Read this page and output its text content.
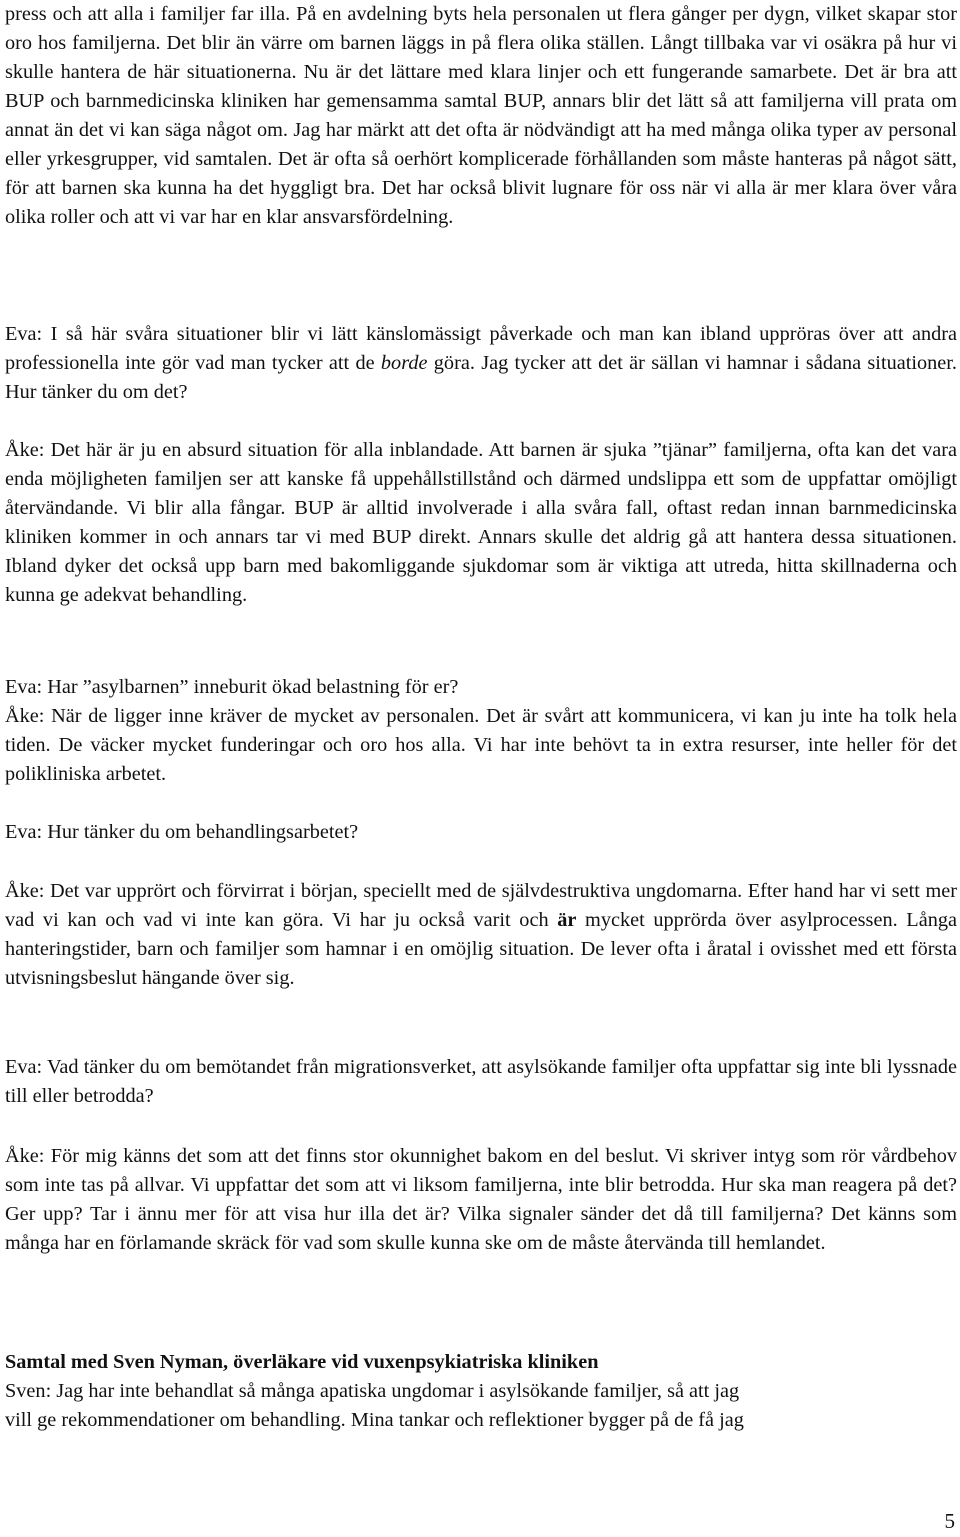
press och att alla i familjer far illa. På en avdelning byts hela personalen ut flera gånger per dygn, vilket skapar stor oro hos familjerna. Det blir än värre om barnen läggs in på flera olika ställen. Långt tillbaka var vi osäkra på hur vi skulle hantera de här situationerna. Nu är det lättare med klara linjer och ett fungerande samarbete. Det är bra att BUP och barnmedicinska kliniken har gemensamma samtal BUP, annars blir det lätt så att familjerna vill prata om annat än det vi kan säga något om. Jag har märkt att det ofta är nödvändigt att ha med många olika typer av personal eller yrkesgrupper, vid samtalen. Det är ofta så oerhört komplicerade förhållanden som måste hanteras på något sätt, för att barnen ska kunna ha det hyggligt bra. Det har också blivit lugnare för oss när vi alla är mer klara över våra olika roller och att vi var har en klar ansvarsfördelning.

Eva: I så här svåra situationer blir vi lätt känslomässigt påverkade och man kan ibland uppröras över att andra professionella inte gör vad man tycker att de borde göra. Jag tycker att det är sällan vi hamnar i sådana situationer. Hur tänker du om det?

Åke: Det här är ju en absurd situation för alla inblandade. Att barnen är sjuka ”tjänar” familjerna, ofta kan det vara enda möjligheten familjen ser att kanske få uppehållstillstånd och därmed undslippa ett som de uppfattar omöjligt återvändande. Vi blir alla fångar. BUP är alltid involverade i alla svåra fall, oftast redan innan barnmedicinska kliniken kommer in och annars tar vi med BUP direkt. Annars skulle det aldrig gå att hantera dessa situationen. Ibland dyker det också upp barn med bakomliggande sjukdomar som är viktiga att utreda, hitta skillnaderna och kunna ge adekvat behandling.

Eva: Har ”asylbarnen” inneburit ökad belastning för er?

Åke: När de ligger inne kräver de mycket av personalen. Det är svårt att kommunicera, vi kan ju inte ha tolk hela tiden. De väcker mycket funderingar och oro hos alla. Vi har inte behövt ta in extra resurser, inte heller för det polikliniska arbetet.

Eva: Hur tänker du om behandlingsarbetet?

Åke: Det var upprört och förvirrat i början, speciellt med de självdestruktiva ungdomarna. Efter hand har vi sett mer vad vi kan och vad vi inte kan göra. Vi har ju också varit och är mycket upprörda över asylprocessen. Långa hanteringstider, barn och familjer som hamnar i en omöjlig situation. De lever ofta i åratal i ovisshet med ett första utvisningsbeslut hängande över sig.

Eva: Vad tänker du om bemötandet från migrationsverket, att asylsökande familjer ofta uppfattar sig inte bli lyssnade till eller betrodda?

Åke: För mig känns det som att det finns stor okunnighet bakom en del beslut. Vi skriver intyg som rör vårdbehov som inte tas på allvar. Vi uppfattar det som att vi liksom familjerna, inte blir betrodda. Hur ska man reagera på det? Ger upp? Tar i ännu mer för att visa hur illa det är? Vilka signaler sänder det då till familjerna? Det känns som många har en förlamande skräck för vad som skulle kunna ske om de måste återvända till hemlandet.

Samtal med Sven Nyman, överläkare vid vuxenpsykiatriska kliniken

Sven: Jag har inte behandlat så många apatiska ungdomar i asylsökande familjer, så att jag
vill ge rekommendationer om behandling. Mina tankar och reflektioner bygger på de få jag

5
